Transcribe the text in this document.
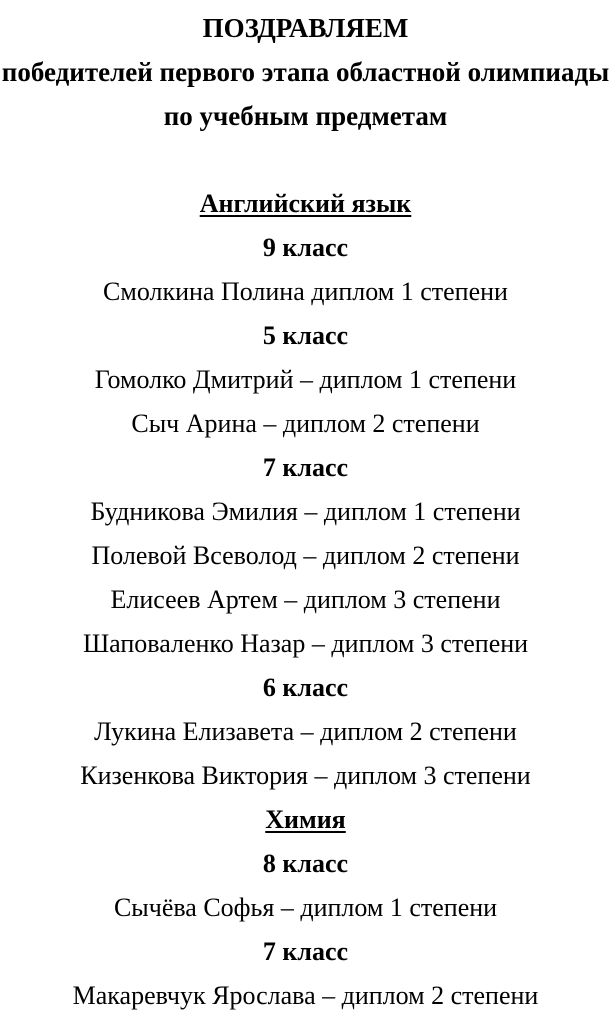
ПОЗДРАВЛЯЕМ
победителей первого этапа областной олимпиады
по учебным предметам
Английский язык
9 класс
Смолкина Полина диплом 1 степени
5 класс
Гомолко Дмитрий – диплом 1 степени
Сыч Арина – диплом 2 степени
7 класс
Будникова Эмилия – диплом 1 степени
Полевой Всеволод – диплом 2 степени
Елисеев Артем – диплом 3 степени
Шаповаленко Назар – диплом 3 степени
6 класс
Лукина Елизавета – диплом 2 степени
Кизенкова Виктория – диплом 3 степени
Химия
8 класс
Сычёва Софья – диплом 1 степени
7 класс
Макаревчук Ярослава – диплом 2 степени
